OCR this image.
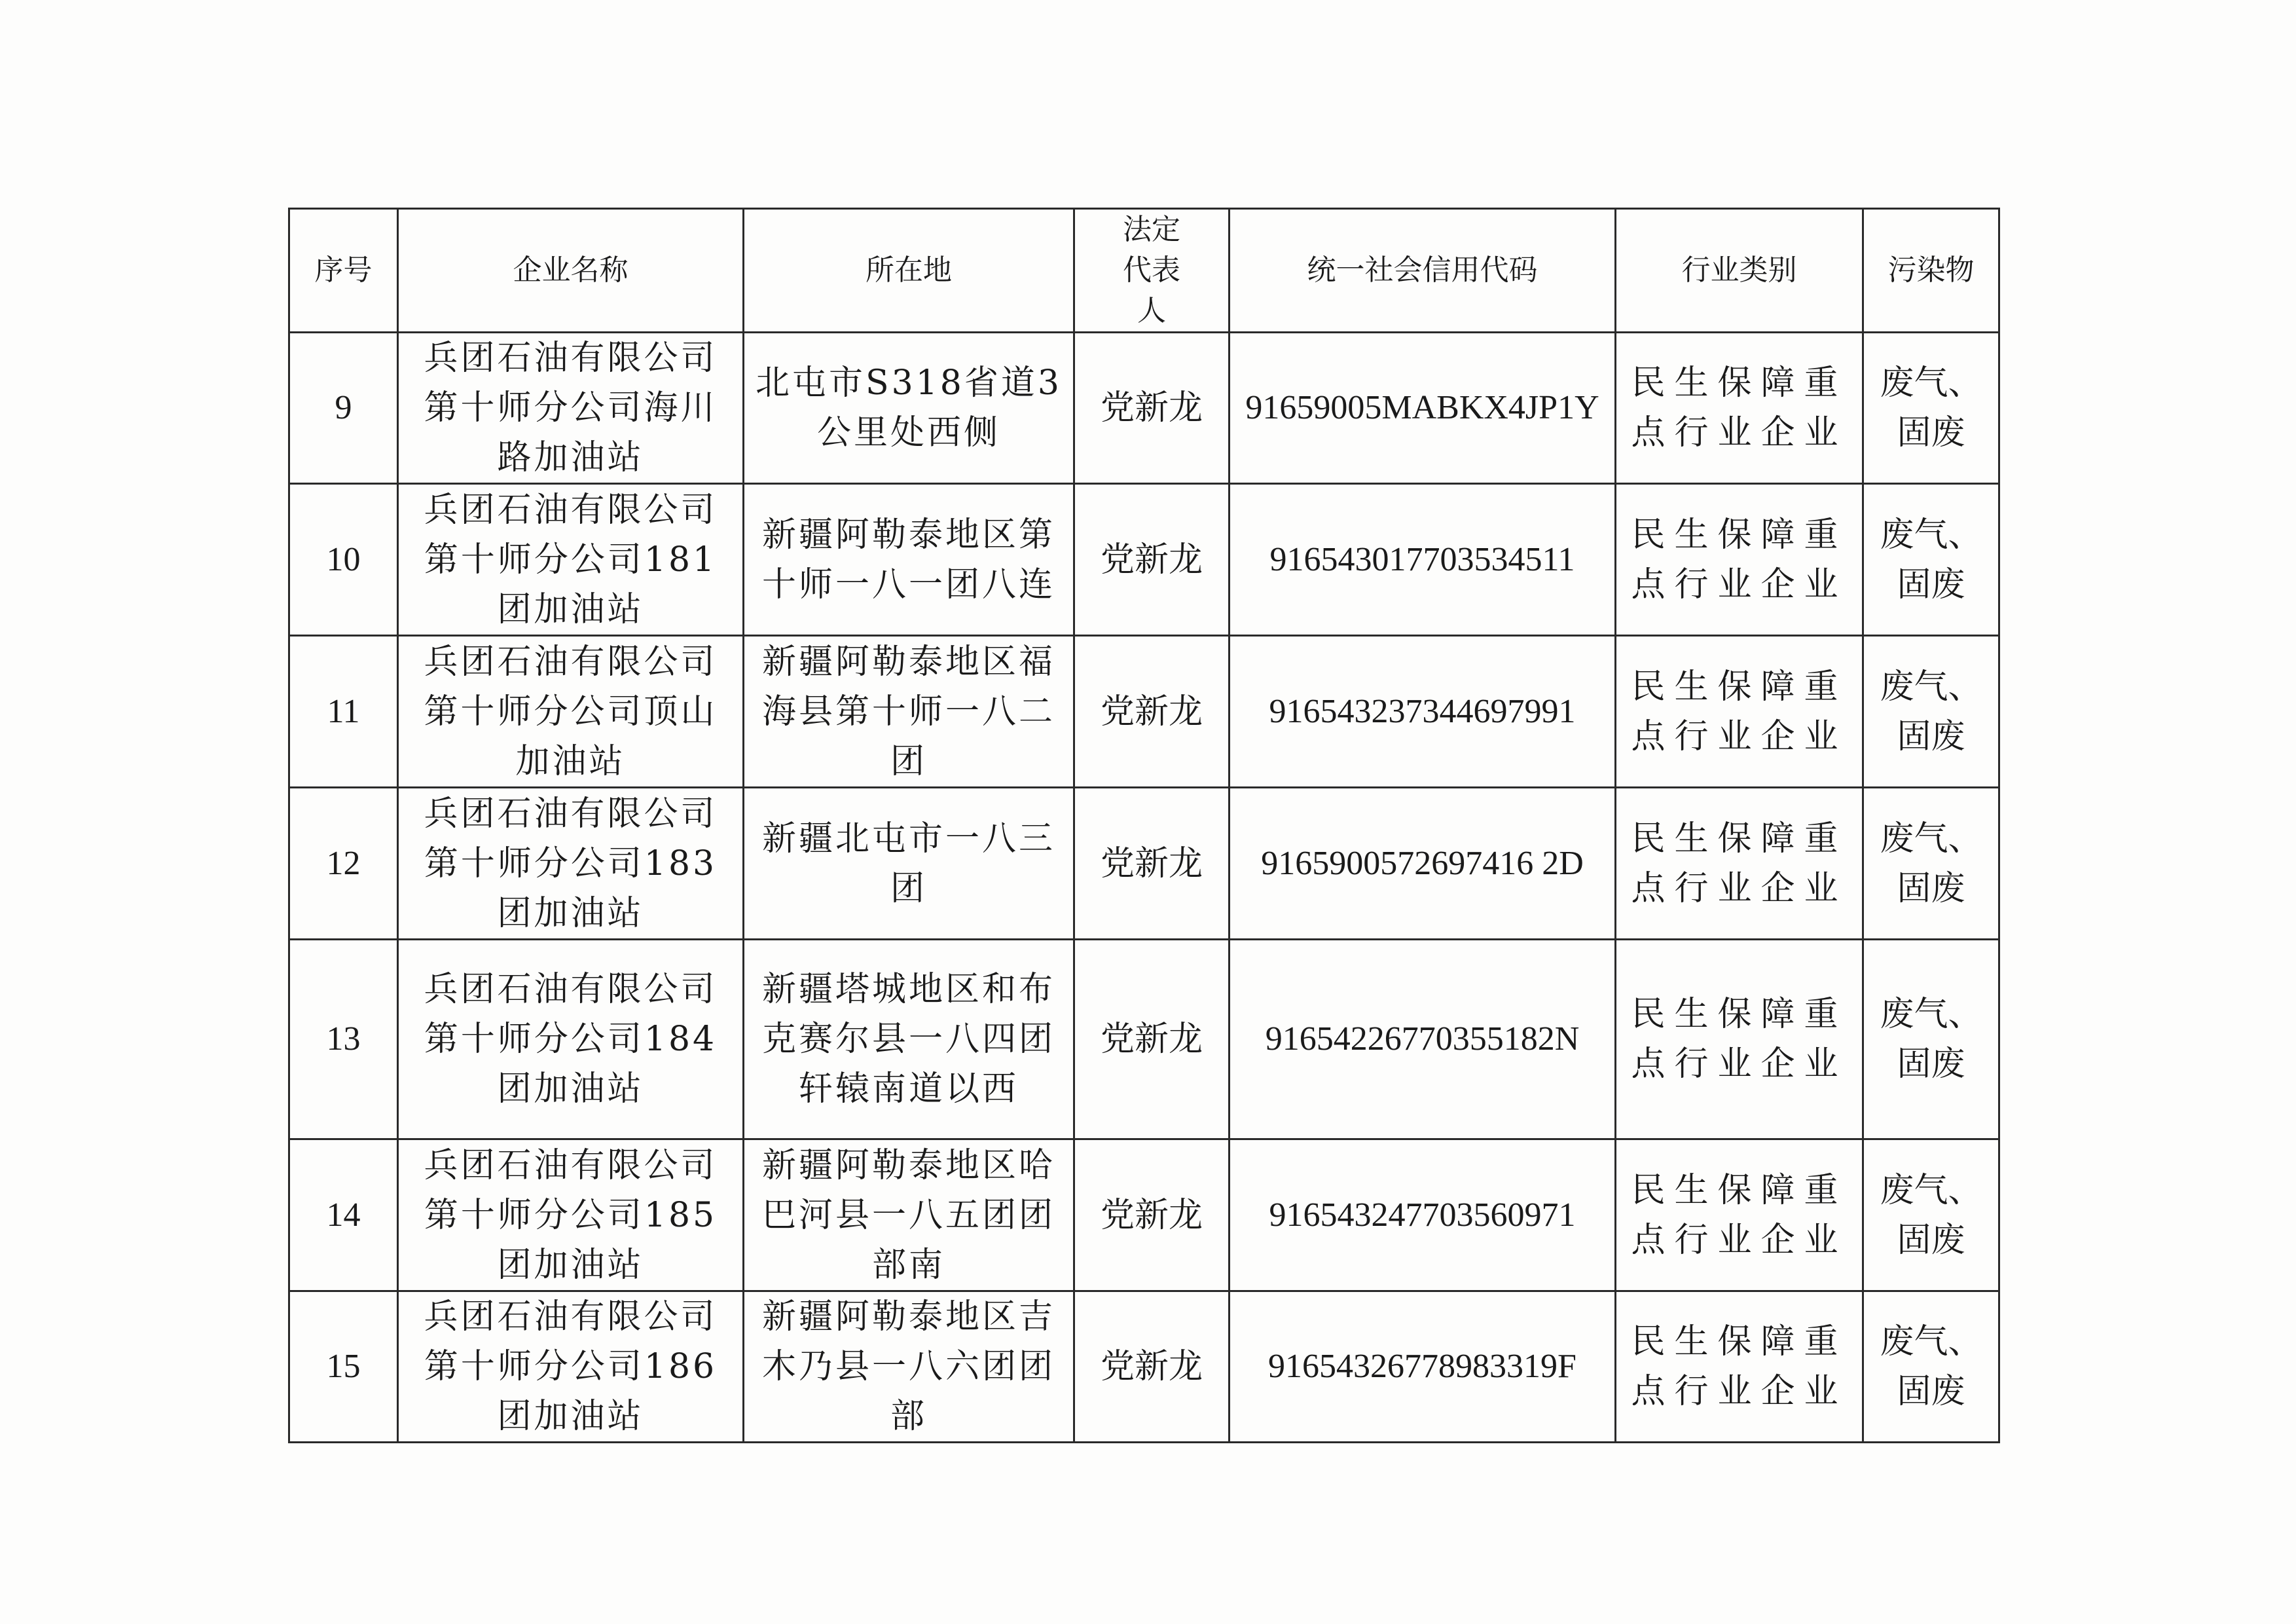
序号	企业名称	所在地	法定代表人	统一社会信用代码	行业类别	污染物
9	兵团石油有限公司第十师分公司海川路加油站	北屯市S318省道3公里处西侧	党新龙	91659005MABKX4JP1Y	民生保障重点行业企业	废气、固废
10	兵团石油有限公司第十师分公司181团加油站	新疆阿勒泰地区第十师一八一团八连	党新龙	916543017703534511	民生保障重点行业企业	废气、固废
11	兵团石油有限公司第十师分公司顶山加油站	新疆阿勒泰地区福海县第十师一八二团	党新龙	916543237344697991	民生保障重点行业企业	废气、固废
12	兵团石油有限公司第十师分公司183团加油站	新疆北屯市一八三团	党新龙	9165900572697416 2D	民生保障重点行业企业	废气、固废
13	兵团石油有限公司第十师分公司184团加油站	新疆塔城地区和布克赛尔县一八四团轩辕南道以西	党新龙	91654226770355182N	民生保障重点行业企业	废气、固废
14	兵团石油有限公司第十师分公司185团加油站	新疆阿勒泰地区哈巴河县一八五团团部南	党新龙	916543247703560971	民生保障重点行业企业	废气、固废
15	兵团石油有限公司第十师分公司186团加油站	新疆阿勒泰地区吉木乃县一八六团团部	党新龙	91654326778983319F	民生保障重点行业企业	废气、固废
